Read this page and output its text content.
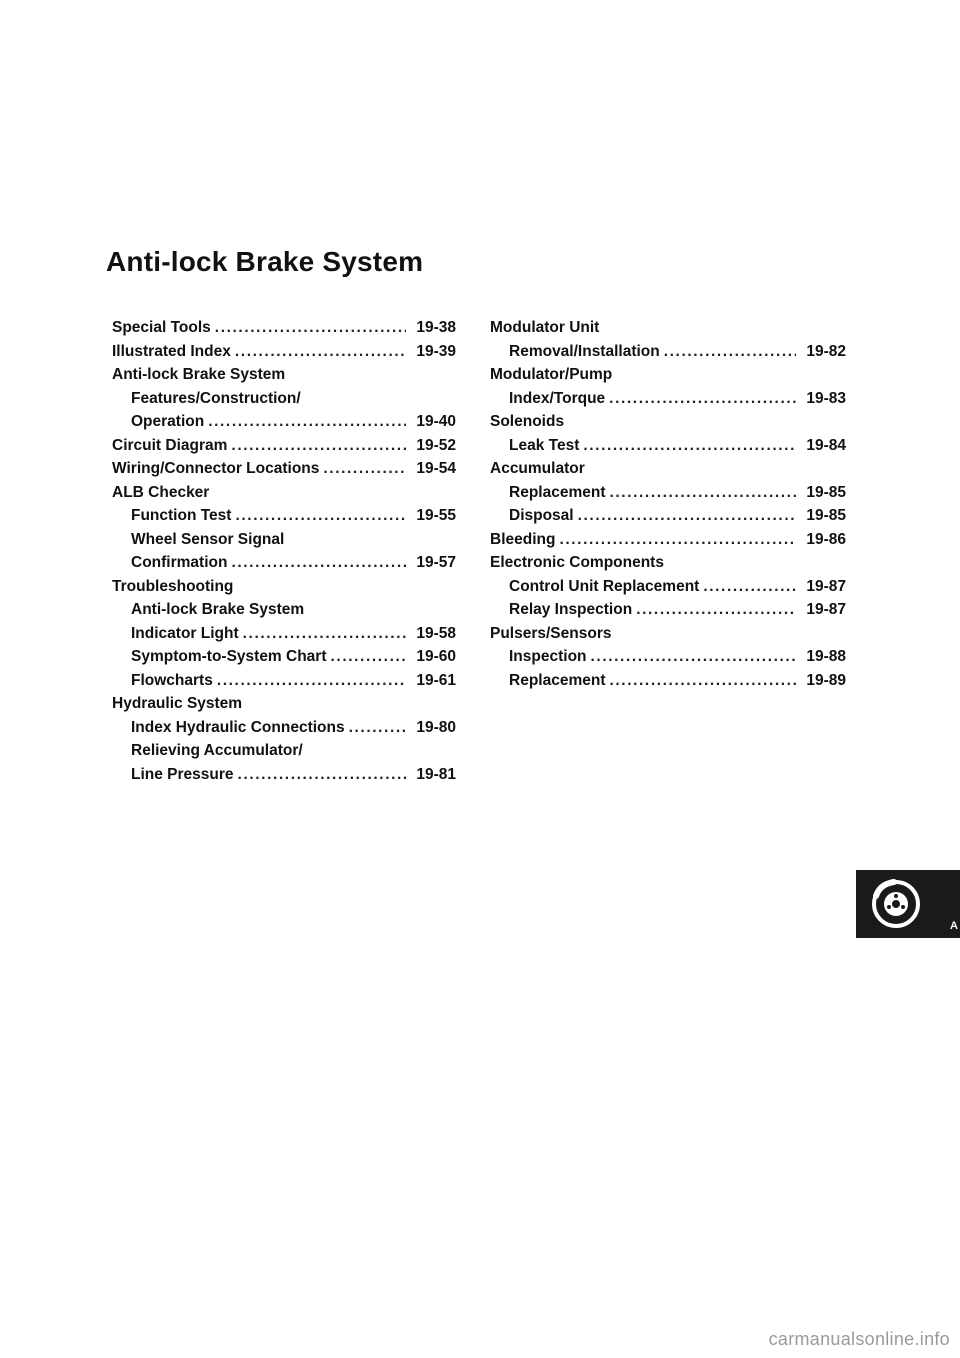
Anti-lock Brake System
Special Tools .....	19-38
Illustrated Index .....	19-39
Anti-lock Brake System
Features/Construction/
Operation .....	19-40
Circuit Diagram .....	19-52
Wiring/Connector Locations .....	19-54
ALB Checker
Function Test .....	19-55
Wheel Sensor Signal
Confirmation .....	19-57
Troubleshooting
Anti-lock Brake System
Indicator Light .....	19-58
Symptom-to-System Chart .....	19-60
Flowcharts .....	19-61
Hydraulic System
Index Hydraulic Connections .....	19-80
Relieving Accumulator/
Line Pressure .....	19-81
Modulator Unit
Removal/Installation .....	19-82
Modulator/Pump
Index/Torque .....	19-83
Solenoids
Leak Test .....	19-84
Accumulator
Replacement .....	19-85
Disposal .....	19-85
Bleeding .....	19-86
Electronic Components
Control Unit Replacement .....	19-87
Relay Inspection .....	19-87
Pulsers/Sensors
Inspection .....	19-88
Replacement .....	19-89
A
carmanualsonline.info
